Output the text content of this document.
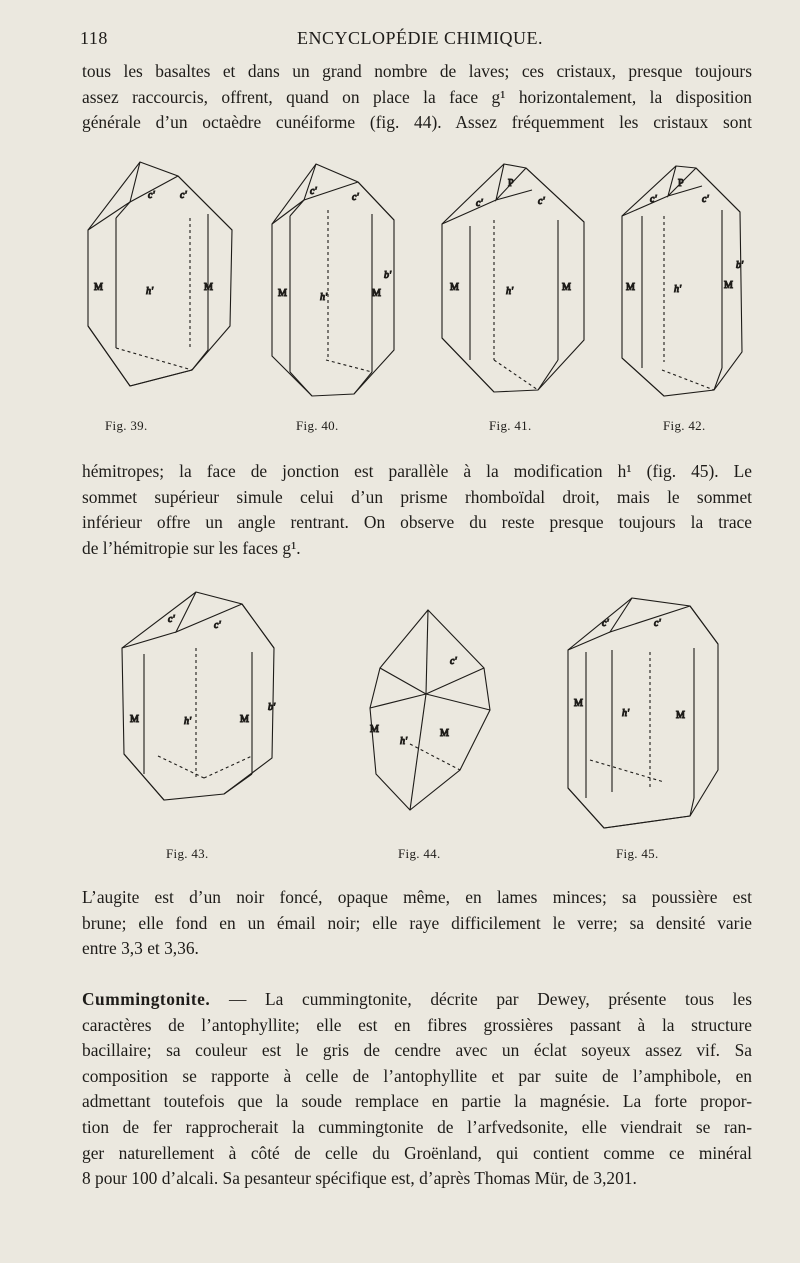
118	ENCYCLOPÉDIE CHIMIQUE.
tous les basaltes et dans un grand nombre de laves; ces cristaux, presque toujours
assez raccourcis, offrent, quand on place la face g¹ horizontalement, la disposition
générale d’un octaèdre cunéiforme (fig. 44). Assez fréquemment les cristaux sont
c'	c'
M	h'	M
Fig. 39.
c'
c'
M	h'	M
b'
Fig. 40.
P
c'	c'
M	h'	M
Fig. 41.
P
c'	c'
M	h'	M
b'
Fig. 42.
hémitropes; la face de jonction est parallèle à la modification h¹ (fig. 45). Le
sommet supérieur simule celui d’un prisme rhomboïdal droit, mais le sommet
inférieur offre un angle rentrant. On observe du reste presque toujours la trace
de l’hémitropie sur les faces g¹.
c'
c'
M	h'	M
b'
Fig. 43.
c'
M
h'
M
Fig. 44.
c'	c'
M
h'	M
Fig. 45.
L’augite est d’un noir foncé, opaque même, en lames minces; sa poussière est
brune; elle fond en un émail noir; elle raye difficilement le verre; sa densité varie
entre 3,3 et 3,36.
Cummingtonite. — La cummingtonite, décrite par Dewey, présente tous les
caractères de l’antophyllite; elle est en fibres grossières passant à la structure
bacillaire; sa couleur est le gris de cendre avec un éclat soyeux assez vif. Sa
composition se rapporte à celle de l’antophyllite et par suite de l’amphibole, en
admettant toutefois que la soude remplace en partie la magnésie. La forte propor-
tion de fer rapprocherait la cummingtonite de l’arfvedsonite, elle viendrait se ran-
ger naturellement à côté de celle du Groënland, qui contient comme ce minéral
8 pour 100 d’alcali. Sa pesanteur spécifique est, d’après Thomas Mür, de 3,201.
